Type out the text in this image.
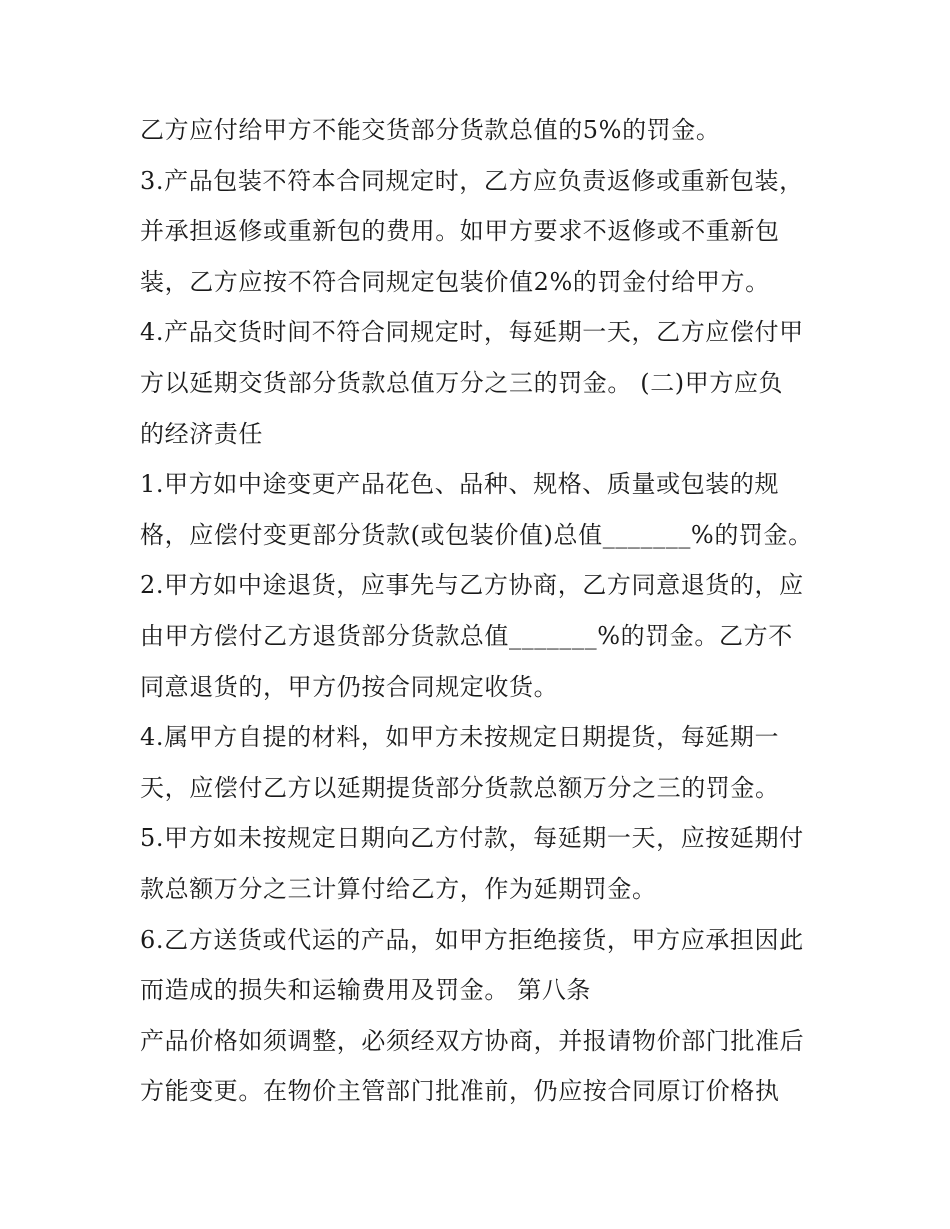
乙方应付给甲方不能交货部分货款总值的5%的罚金。
3.产品包装不符本合同规定时，乙方应负责返修或重新包装，
并承担返修或重新包的费用。如甲方要求不返修或不重新包
装，乙方应按不符合同规定包装价值2%的罚金付给甲方。
4.产品交货时间不符合同规定时，每延期一天，乙方应偿付甲
方以延期交货部分货款总值万分之三的罚金。 (二)甲方应负
的经济责任
1.甲方如中途变更产品花色、品种、规格、质量或包装的规
格，应偿付变更部分货款(或包装价值)总值_______%的罚金。
2.甲方如中途退货，应事先与乙方协商，乙方同意退货的，应
由甲方偿付乙方退货部分货款总值_______%的罚金。乙方不
同意退货的，甲方仍按合同规定收货。
4.属甲方自提的材料，如甲方未按规定日期提货，每延期一
天，应偿付乙方以延期提货部分货款总额万分之三的罚金。
5.甲方如未按规定日期向乙方付款，每延期一天，应按延期付
款总额万分之三计算付给乙方，作为延期罚金。
6.乙方送货或代运的产品，如甲方拒绝接货，甲方应承担因此
而造成的损失和运输费用及罚金。 第八条
产品价格如须调整，必须经双方协商，并报请物价部门批准后
方能变更。在物价主管部门批准前，仍应按合同原订价格执
